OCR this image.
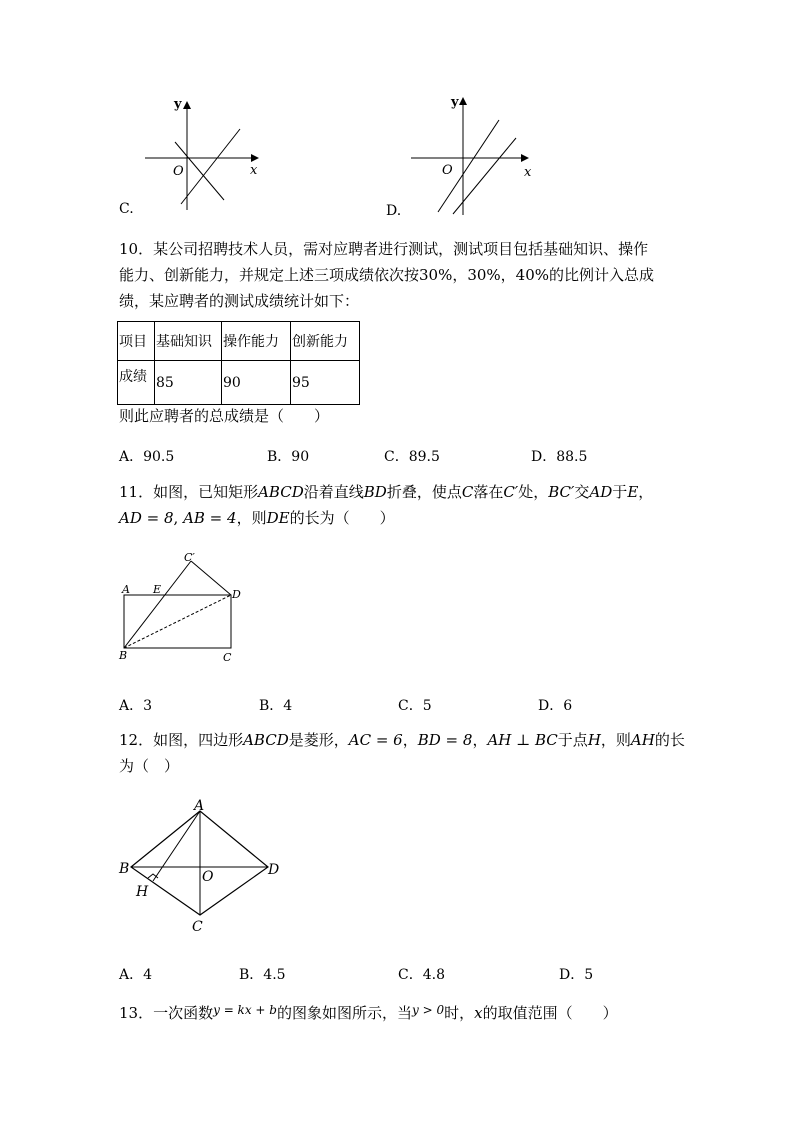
y
x
O
C.
y
x
O
D.
10．某公司招聘技术人员，需对应聘者进行测试，测试项目包括基础知识、操作
能力、创新能力，并规定上述三项成绩依次按30%，30%，40%的比例计入总成
绩，某应聘者的测试成绩统计如下：
项目	基础知识	操作能力	创新能力
成绩	85	90	95
则此应聘者的总成绩是（　　）
A．90.5	B．90	C．89.5	D．88.5
11．如图，已知矩形ABCD沿着直线BD折叠，使点C落在C′处，BC′交AD于E，
AD = 8, AB = 4，则DE的长为（　　）
A E
C′
D
B	C
A．3	B．4	C．5	D．6
12．如图，四边形ABCD是菱形，AC = 6，BD = 8，AH ⊥ BC于点H，则AH的长
为（　）
A
B	O	D
H
C
A．4	B．4.5	C．4.8	D．5
13．一次函数$^{y = kx + b}$的图象如图所示，当$^{y > 0}$时，x的取值范围（　　）
